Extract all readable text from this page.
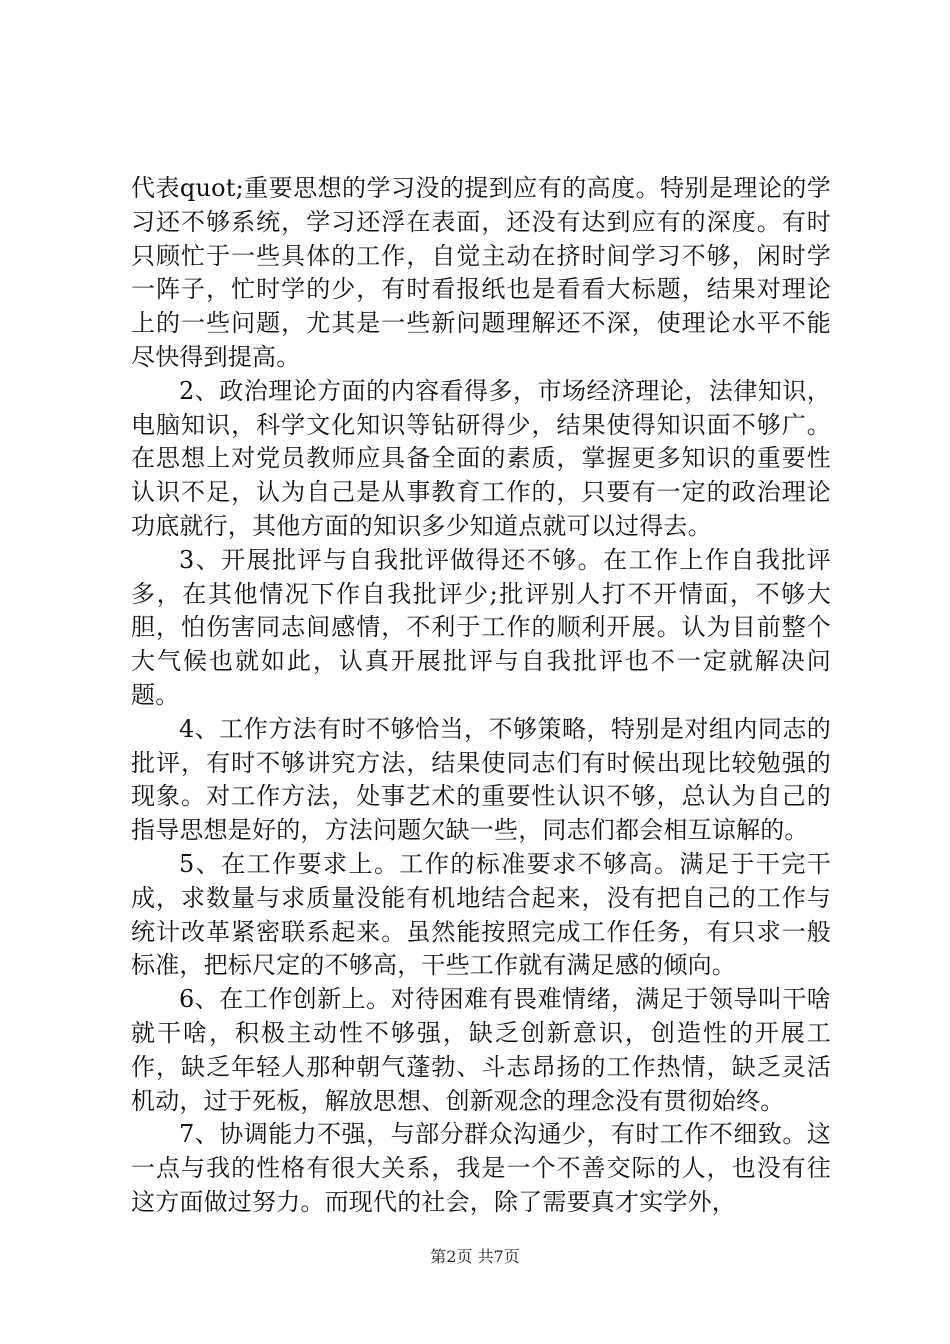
代表quot;重要思想的学习没的提到应有的高度。特别是理论的学习还不够系统，学习还浮在表面，还没有达到应有的深度。有时只顾忙于一些具体的工作，自觉主动在挤时间学习不够，闲时学一阵子，忙时学的少，有时看报纸也是看看大标题，结果对理论上的一些问题，尤其是一些新问题理解还不深，使理论水平不能尽快得到提高。

2、政治理论方面的内容看得多，市场经济理论，法律知识，电脑知识，科学文化知识等钻研得少，结果使得知识面不够广。在思想上对党员教师应具备全面的素质，掌握更多知识的重要性认识不足，认为自己是从事教育工作的，只要有一定的政治理论功底就行，其他方面的知识多少知道点就可以过得去。

3、开展批评与自我批评做得还不够。在工作上作自我批评多，在其他情况下作自我批评少;批评别人打不开情面，不够大胆，怕伤害同志间感情，不利于工作的顺利开展。认为目前整个大气候也就如此，认真开展批评与自我批评也不一定就解决问题。

4、工作方法有时不够恰当，不够策略，特别是对组内同志的批评，有时不够讲究方法，结果使同志们有时候出现比较勉强的现象。对工作方法，处事艺术的重要性认识不够，总认为自己的指导思想是好的，方法问题欠缺一些，同志们都会相互谅解的。

5、在工作要求上。工作的标准要求不够高。满足于干完干成，求数量与求质量没能有机地结合起来，没有把自己的工作与统计改革紧密联系起来。虽然能按照完成工作任务，有只求一般标准，把标尺定的不够高，干些工作就有满足感的倾向。

6、在工作创新上。对待困难有畏难情绪，满足于领导叫干啥就干啥，积极主动性不够强，缺乏创新意识，创造性的开展工作，缺乏年轻人那种朝气蓬勃、斗志昂扬的工作热情，缺乏灵活机动，过于死板，解放思想、创新观念的理念没有贯彻始终。

7、协调能力不强，与部分群众沟通少，有时工作不细致。这一点与我的性格有很大关系，我是一个不善交际的人，也没有往这方面做过努力。而现代的社会，除了需要真才实学外，

第2页 共7页
